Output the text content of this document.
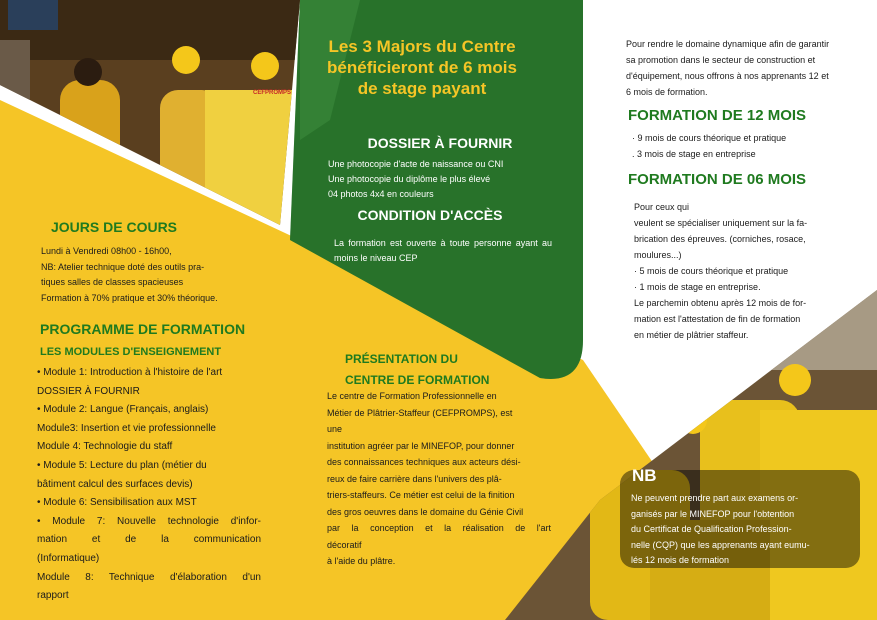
CEFPROMPS
Les 3 Majors du Centre bénéficieront de 6 mois de stage payant
DOSSIER À FOURNIR

Une photocopie d'acte de naissance ou CNI

Une photocopie du diplôme le plus élevé

04 photos 4x4 en couleurs

CONDITION D'ACCÈS
La formation est ouverte à toute personne ayant au moins le niveau CEP
Pour rendre le domaine dynamique afin de garantir sa promotion dans le secteur de construction et d'équipement, nous offrons à nos apprenants 12 et 6 mois de formation.
FORMATION DE 12 MOIS

· 9 mois de cours théorique et pratique

. 3 mois de stage en entreprise

FORMATION DE 06 MOIS

Pour ceux qui

veulent se spécialiser uniquement sur la fa-

brication des épreuves. (corniches, rosace,

moulures...)

· 5 mois de cours théorique et pratique

· 1 mois de stage en entreprise.

Le parchemin obtenu après 12 mois de for-

mation est l'attestation de fin de formation

en métier de plâtrier staffeur.

JOURS DE COURS

Lundi à Vendredi 08h00 - 16h00,

NB: Atelier technique doté des outils pra-

tiques salles de classes spacieuses

Formation à 70% pratique et 30% théorique.

PROGRAMME DE FORMATION
LES MODULES D'ENSEIGNEMENT

• Module 1: Introduction à l'histoire de l'art

DOSSIER À FOURNIR

• Module 2: Langue (Français, anglais)

Module3: Insertion et vie professionnelle

Module 4: Technologie du staff

• Module 5: Lecture du plan (métier du

bâtiment calcul des surfaces devis)

• Module 6: Sensibilisation aux MST

• Module 7: Nouvelle technologie d'infor-

mation et de la communication

(Informatique)

Module 8: Technique d'élaboration d'un

rapport

PRÉSENTATION DU

CENTRE DE FORMATION

Le centre de Formation Professionnelle en

Métier de Plâtrier-Staffeur (CEFPROMPS), est

une

institution agréer par le MINEFOP, pour donner

des connaissances techniques aux acteurs dési-

reux de faire carrière dans l'univers des plâ-

triers-staffeurs. Ce métier est celui de la finition

des gros oeuvres dans le domaine du Génie Civil

par la conception et la réalisation de l'art

décoratif

à l'aide du plâtre.

NB

Ne peuvent prendre part aux examens or-

ganisés par le MINEFOP pour l'obtention

du Certificat de Qualification Profession-

nelle (CQP) que les apprenants ayant eumu-

lés 12 mois de formation
